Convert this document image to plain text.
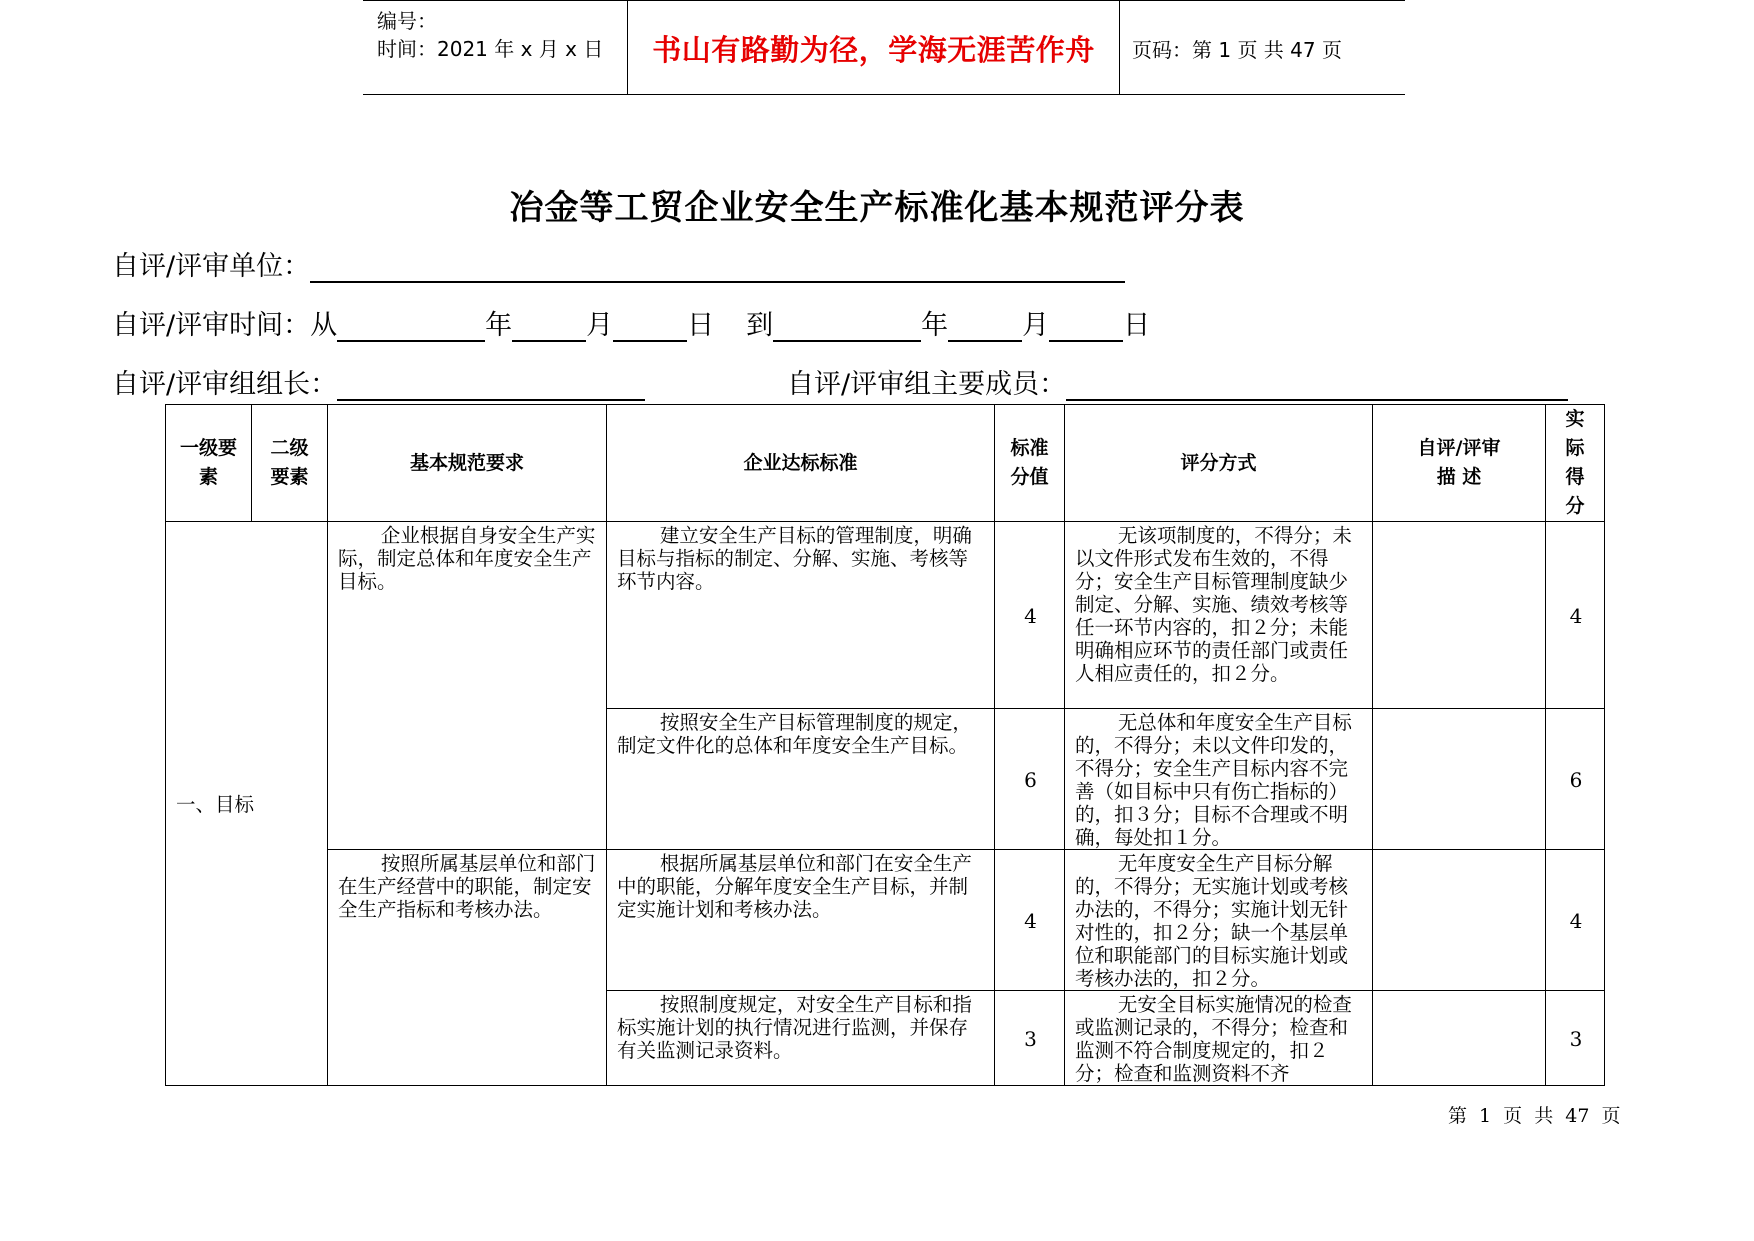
编号：
时间：2021 年 x 月 x 日	书山有路勤为径，学海无涯苦作舟	页码：第 1 页 共 47 页
冶金等工贸企业安全生产标准化基本规范评分表
自评/评审单位：
自评/评审时间：从	年	月	日 到	年	月	日
自评/评审组组长：	自评/评审组主要成员：
一级要素	二级要素	基本规范要求	企业达标标准	标准分值	评分方式	自评/评审描 述	实际得分
一、目标		企业根据自身安全生产实际，制定总体和年度安全生产目标。	建立安全生产目标的管理制度，明确目标与指标的制定、分解、实施、考核等环节内容。	4	无该项制度的，不得分；未以文件形式发布生效的，不得分；安全生产目标管理制度缺少制定、分解、实施、绩效考核等任一环节内容的，扣２分；未能明确相应环节的责任部门或责任人相应责任的，扣２分。		4
			按照安全生产目标管理制度的规定，制定文件化的总体和年度安全生产目标。	6	无总体和年度安全生产目标的，不得分；未以文件印发的，不得分；安全生产目标内容不完善（如目标中只有伤亡指标的）的，扣３分；目标不合理或不明确，每处扣１分。		6
		按照所属基层单位和部门在生产经营中的职能，制定安全生产指标和考核办法。	根据所属基层单位和部门在安全生产中的职能，分解年度安全生产目标，并制定实施计划和考核办法。	4	无年度安全生产目标分解的，不得分；无实施计划或考核办法的，不得分；实施计划无针对性的，扣２分；缺一个基层单位和职能部门的目标实施计划或考核办法的，扣２分。		4
			按照制度规定，对安全生产目标和指标实施计划的执行情况进行监测，并保存有关监测记录资料。	3	无安全目标实施情况的检查或监测记录的，不得分；检查和监测不符合制度规定的，扣２分；检查和监测资料不齐		3
第 1 页 共 47 页
